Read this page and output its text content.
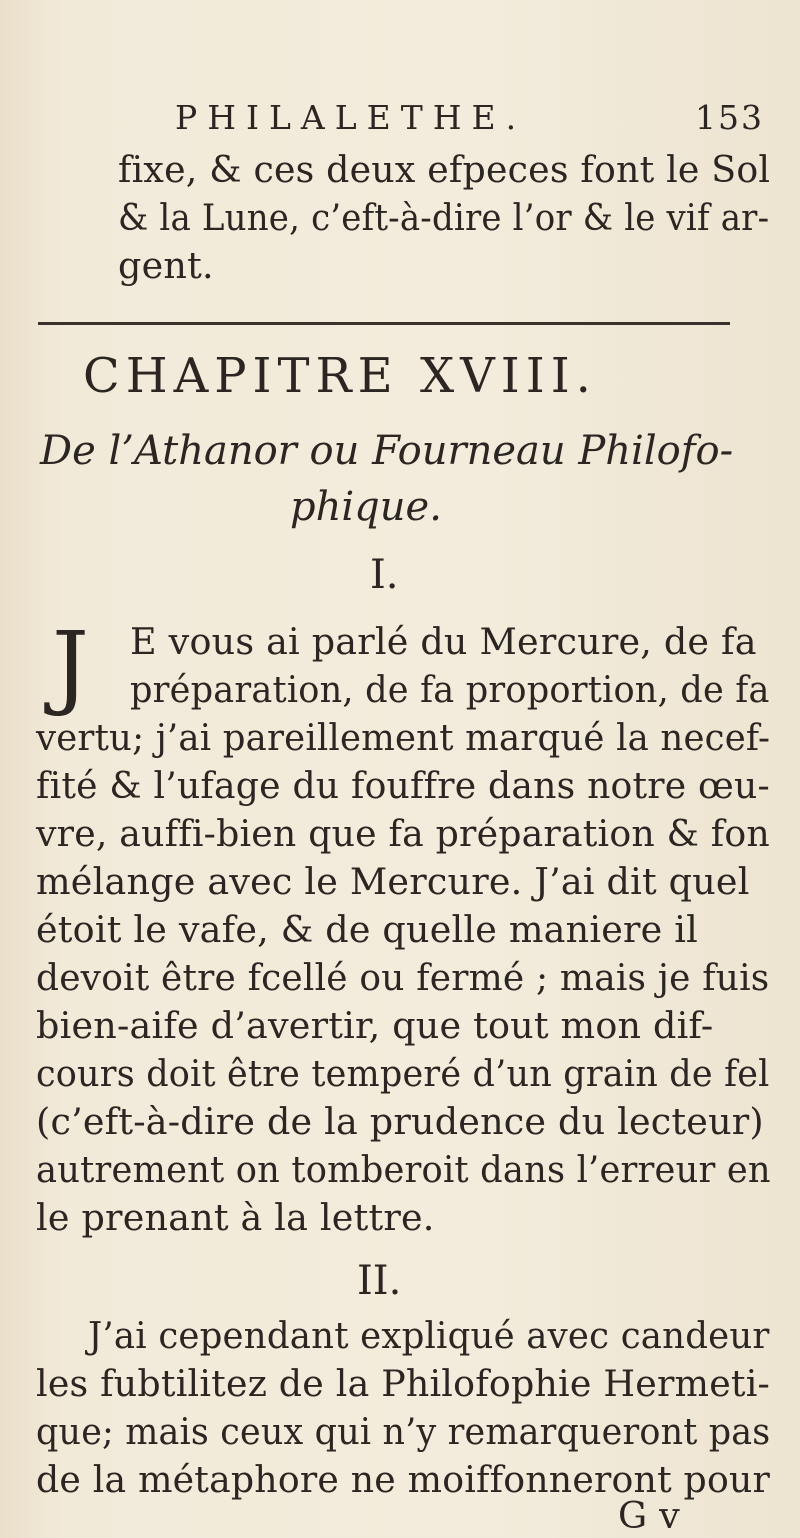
PHILALETHE.	153
fixe, & ces deux efpeces font le Sol
& la Lune, c’eft-à-dire l’or & le vif ar-
gent.
CHAPITRE XVIII.
De l’Athanor ou Fourneau Philofo-
phique.
I.
J E vous ai parlé du Mercure, de fa
préparation, de fa proportion, de fa
vertu; j’ai pareillement marqué la necef-
fité & l’ufage du fouffre dans notre œu-
vre, auffi-bien que fa préparation & fon
mélange avec le Mercure. J’ai dit quel
étoit le vafe, & de quelle maniere il
devoit être fcellé ou fermé ; mais je fuis
bien-aife d’avertir, que tout mon dif-
cours doit être temperé d’un grain de fel
(c’eft-à-dire de la prudence du lecteur)
autrement on tomberoit dans l’erreur en
le prenant à la lettre.
II.
J’ai cependant expliqué avec candeur
les fubtilitez de la Philofophie Hermeti-
que; mais ceux qui n’y remarqueront pas
de la métaphore ne moiffonneront pour
G v
